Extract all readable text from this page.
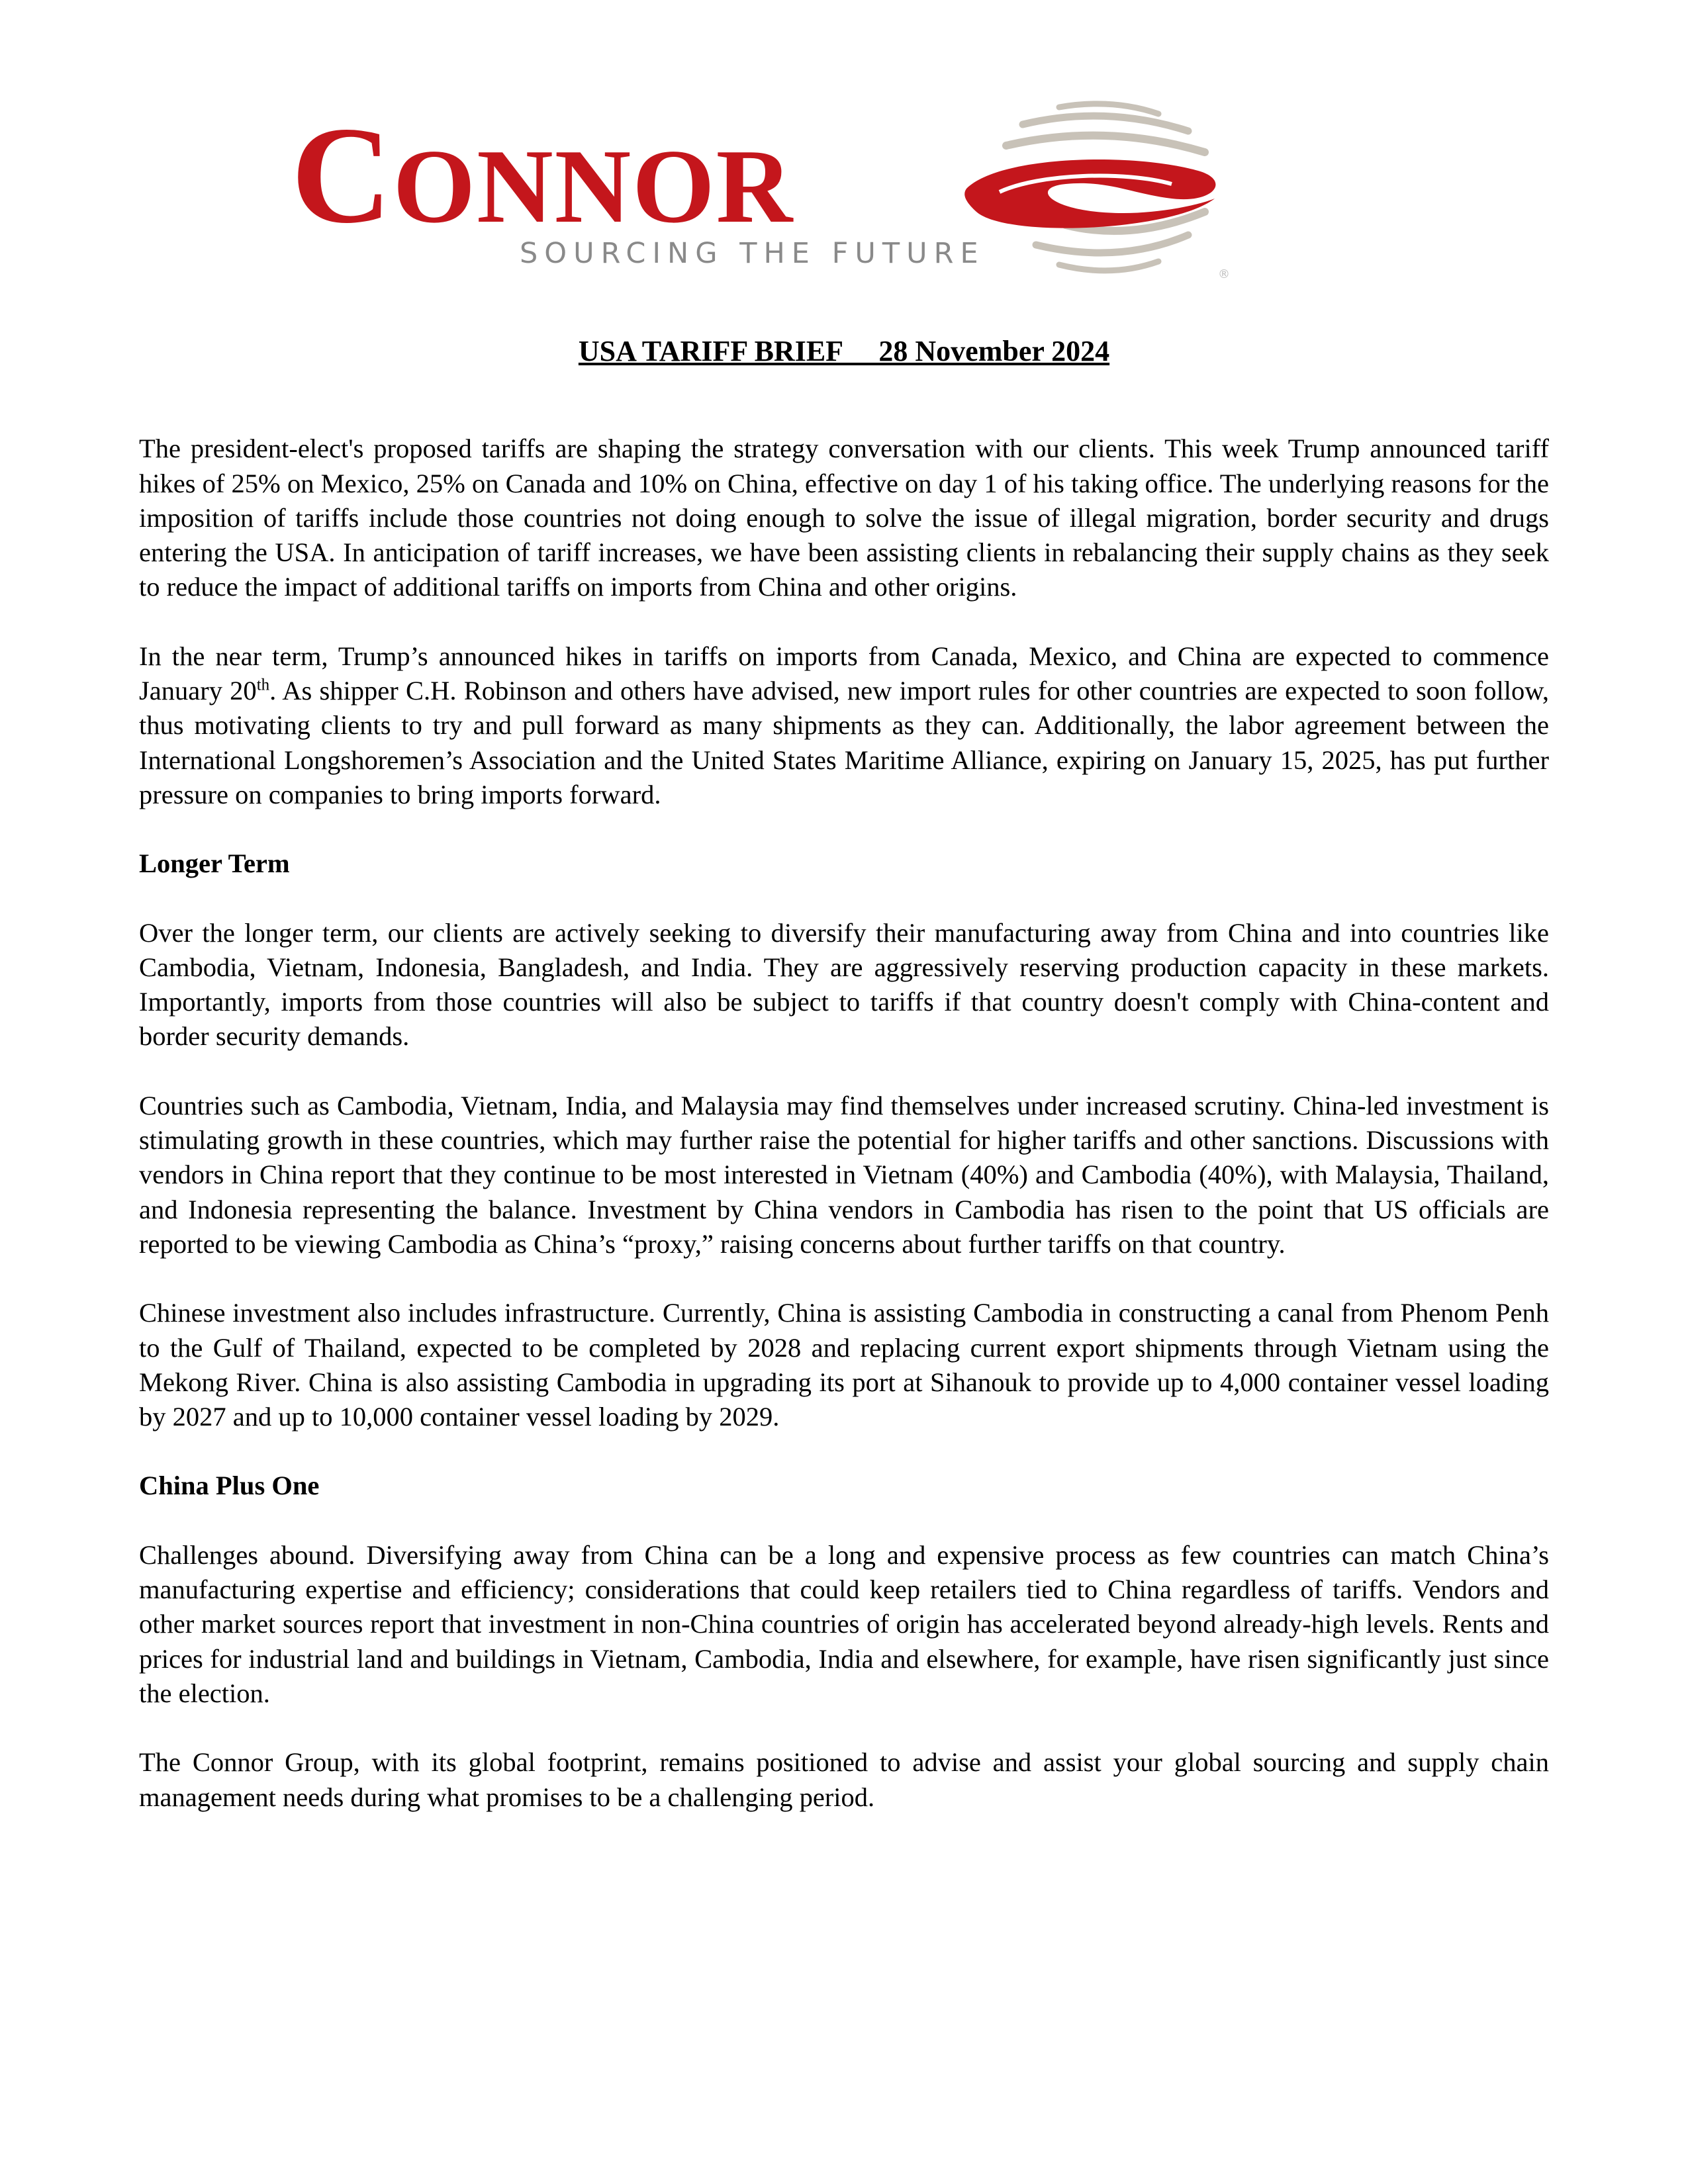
CONNOR
SOURCING THE FUTURE
®
USA TARIFF BRIEF     28 November 2024

The president-elect's proposed tariffs are shaping the strategy conversation with our clients. This week Trump announced tariff hikes of 25% on Mexico, 25% on Canada and 10% on China, effective on day 1 of his taking office. The underlying reasons for the imposition of tariffs include those countries not doing enough to solve the issue of illegal migration, border security and drugs entering the USA. In anticipation of tariff increases, we have been assisting clients in rebalancing their supply chains as they seek to reduce the impact of additional tariffs on imports from China and other origins.

In the near term, Trump’s announced hikes in tariffs on imports from Canada, Mexico, and China are expected to commence January 20th. As shipper C.H. Robinson and others have advised, new import rules for other countries are expected to soon follow, thus motivating clients to try and pull forward as many shipments as they can. Additionally, the labor agreement between the International Longshoremen’s Association and the United States Maritime Alliance, expiring on January 15, 2025, has put further pressure on companies to bring imports forward.

Longer Term

Over the longer term, our clients are actively seeking to diversify their manufacturing away from China and into countries like Cambodia, Vietnam, Indonesia, Bangladesh, and India. They are aggressively reserving production capacity in these markets. Importantly, imports from those countries will also be subject to tariffs if that country doesn't comply with China-content and border security demands.

Countries such as Cambodia, Vietnam, India, and Malaysia may find themselves under increased scrutiny. China-led investment is stimulating growth in these countries, which may further raise the potential for higher tariffs and other sanctions. Discussions with vendors in China report that they continue to be most interested in Vietnam (40%) and Cambodia (40%), with Malaysia, Thailand, and Indonesia representing the balance. Investment by China vendors in Cambodia has risen to the point that US officials are reported to be viewing Cambodia as China’s “proxy,” raising concerns about further tariffs on that country.

Chinese investment also includes infrastructure. Currently, China is assisting Cambodia in constructing a canal from Phenom Penh to the Gulf of Thailand, expected to be completed by 2028 and replacing current export shipments through Vietnam using the Mekong River. China is also assisting Cambodia in upgrading its port at Sihanouk to provide up to 4,000 container vessel loading by 2027 and up to 10,000 container vessel loading by 2029.

China Plus One

Challenges abound. Diversifying away from China can be a long and expensive process as few countries can match China’s manufacturing expertise and efficiency; considerations that could keep retailers tied to China regardless of tariffs. Vendors and other market sources report that investment in non-China countries of origin has accelerated beyond already-high levels. Rents and prices for industrial land and buildings in Vietnam, Cambodia, India and elsewhere, for example, have risen significantly just since the election.

The Connor Group, with its global footprint, remains positioned to advise and assist your global sourcing and supply chain management needs during what promises to be a challenging period.
